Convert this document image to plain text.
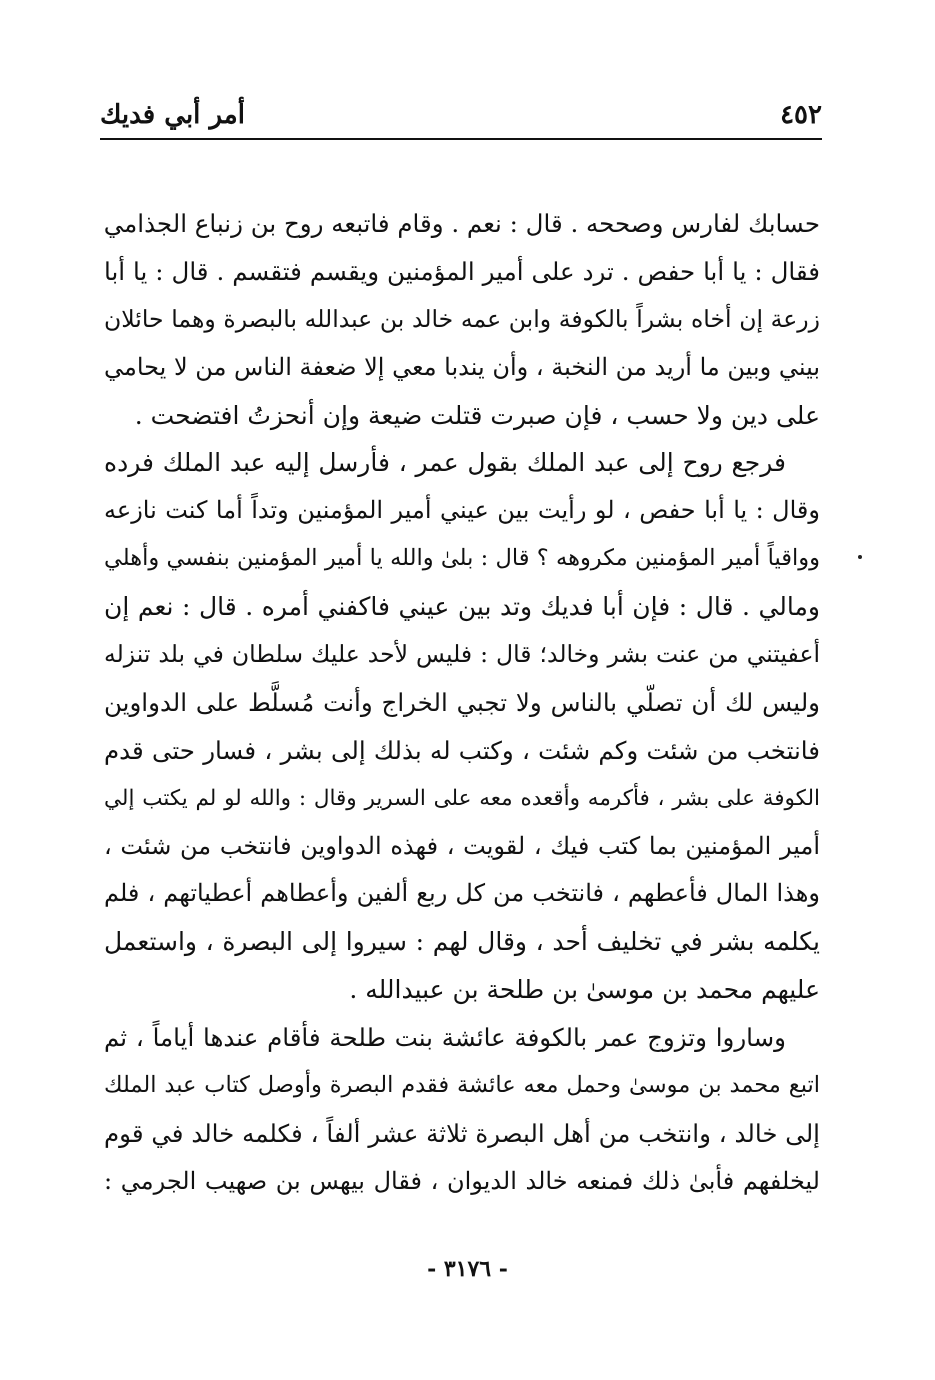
أمر أبي فديك	٤٥٢
حسابك لفارس وصححه . قال : نعم . وقام فاتبعه روح بن زنباع الجذامي
فقال : يا أبا حفص . ترد على أمير المؤمنين ويقسم فتقسم . قال : يا أبا
زرعة إن أخاه بشراً بالكوفة وابن عمه خالد بن عبدالله بالبصرة وهما حائلان
بيني وبين ما أريد من النخبة ، وأن يندبا معي إلا ضعفة الناس من لا يحامي
على دين ولا حسب ، فإن صبرت قتلت ضيعة وإن أنحزتُ افتضحت .
فرجع روح إلى عبد الملك بقول عمر ، فأرسل إليه عبد الملك فرده
وقال : يا أبا حفص ، لو رأيت بين عيني أمير المؤمنين وتداً أما كنت نازعه
وواقياً أمير المؤمنين مكروهه ؟ قال : بلىٰ والله يا أمير المؤمنين بنفسي وأهلي
ومالي . قال : فإن أبا فديك وتد بين عيني فاكفني أمره . قال : نعم إن
أعفيتني من عنت بشر وخالد؛ قال : فليس لأحد عليك سلطان في بلد تنزله
وليس لك أن تصلّي بالناس ولا تجبي الخراج وأنت مُسلَّط على الدواوين
فانتخب من شئت وكم شئت ، وكتب له بذلك إلى بشر ، فسار حتى قدم
الكوفة على بشر ، فأكرمه وأقعده معه على السرير وقال : والله لو لم يكتب إلي
أمير المؤمنين بما كتب فيك ، لقويت ، فهذه الدواوين فانتخب من شئت ،
وهذا المال فأعطهم ، فانتخب من كل ربع ألفين وأعطاهم أعطياتهم ، فلم
يكلمه بشر في تخليف أحد ، وقال لهم : سيروا إلى البصرة ، واستعمل
عليهم محمد بن موسىٰ بن طلحة بن عبيدالله .
وساروا وتزوج عمر بالكوفة عائشة بنت طلحة فأقام عندها أياماً ، ثم
اتبع محمد بن موسىٰ وحمل معه عائشة فقدم البصرة وأوصل كتاب عبد الملك
إلى خالد ، وانتخب من أهل البصرة ثلاثة عشر ألفاً ، فكلمه خالد في قوم
ليخلفهم فأبىٰ ذلك فمنعه خالد الديوان ، فقال بيهس بن صهيب الجرمي :
- ٣١٧٦ -
